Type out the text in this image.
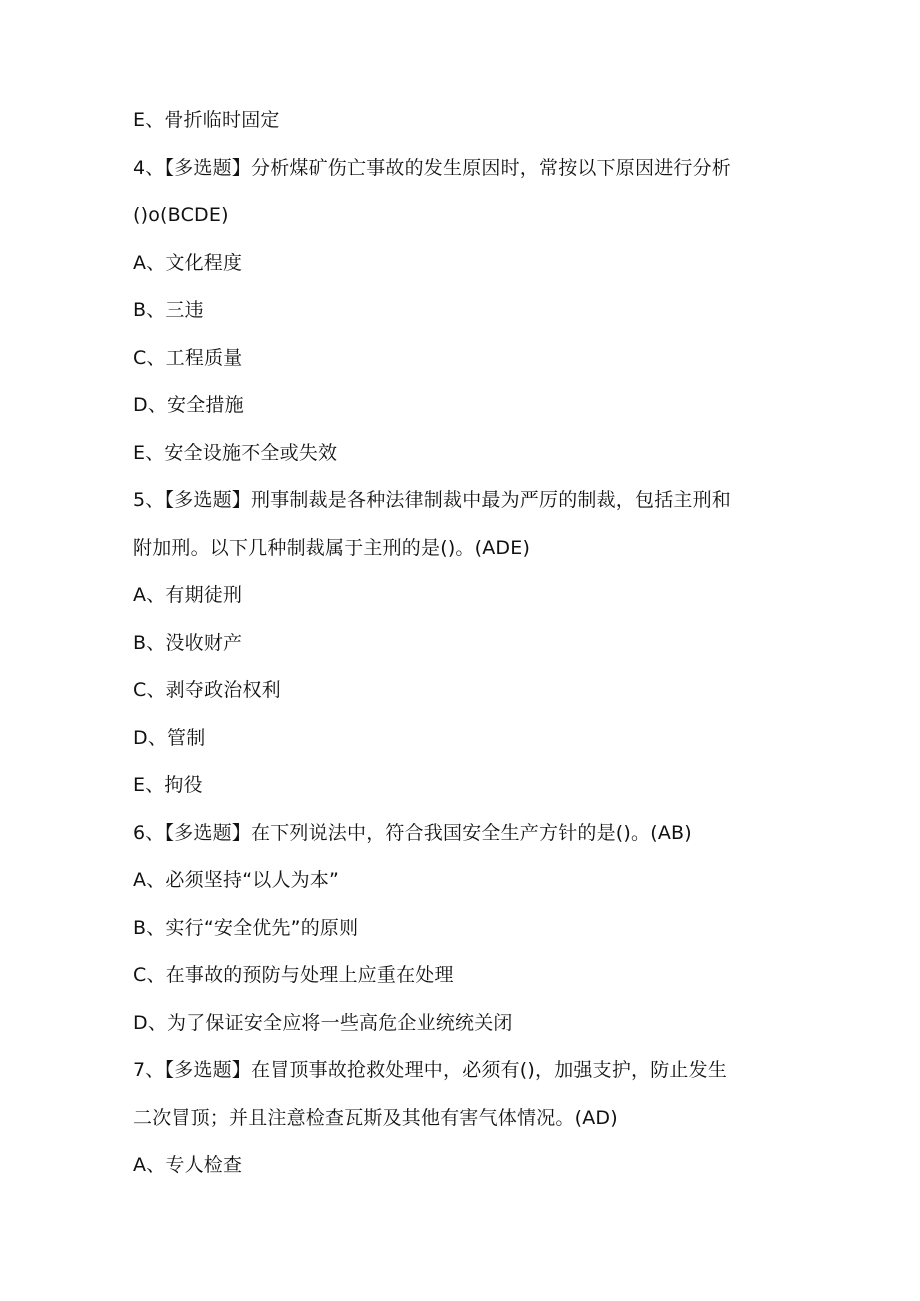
E、骨折临时固定
4、【多选题】分析煤矿伤亡事故的发生原因时，常按以下原因进行分析
()o(BCDE)
A、文化程度
B、三违
C、工程质量
D、安全措施
E、安全设施不全或失效
5、【多选题】刑事制裁是各种法律制裁中最为严厉的制裁，包括主刑和
附加刑。以下几种制裁属于主刑的是()。(ADE)
A、有期徒刑
B、没收财产
C、剥夺政治权利
D、管制
E、拘役
6、【多选题】在下列说法中，符合我国安全生产方针的是()。(AB)
A、必须坚持“以人为本”
B、实行“安全优先”的原则
C、在事故的预防与处理上应重在处理
D、为了保证安全应将一些高危企业统统关闭
7、【多选题】在冒顶事故抢救处理中，必须有()，加强支护，防止发生
二次冒顶；并且注意检查瓦斯及其他有害气体情况。(AD)
A、专人检查
